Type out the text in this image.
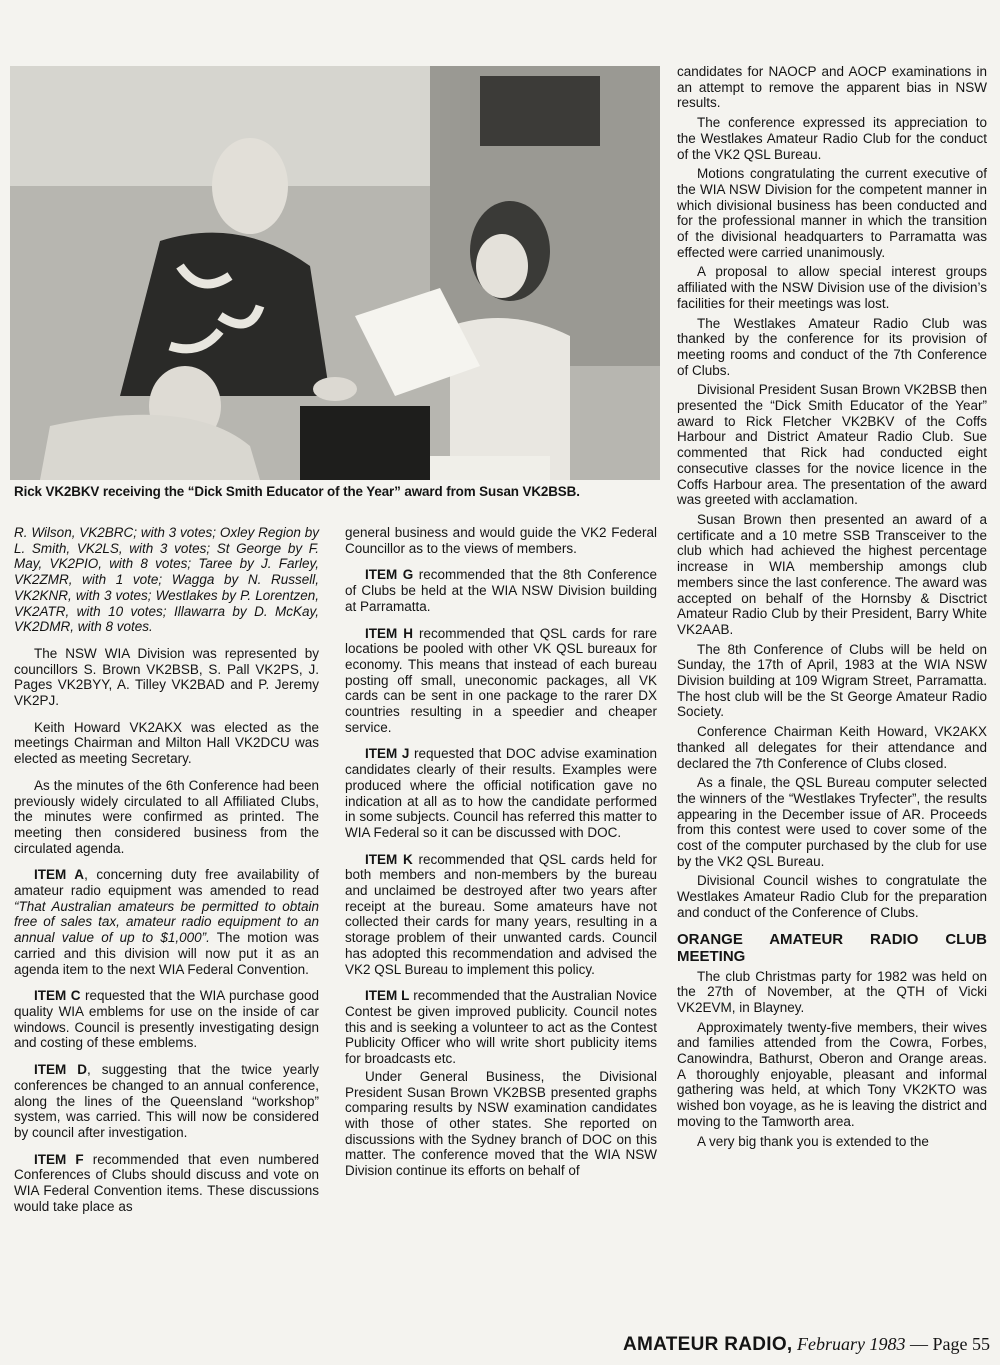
Rick VK2BKV receiving the “Dick Smith Educator of the Year” award from Susan VK2BSB.

R. Wilson, VK2BRC; with 3 votes; Oxley Region by L. Smith, VK2LS, with 3 votes; St George by F. May, VK2PIO, with 8 votes; Taree by J. Farley, VK2ZMR, with 1 vote; Wagga by N. Russell, VK2KNR, with 3 votes; Westlakes by P. Lorentzen, VK2ATR, with 10 votes; Illawarra by D. McKay, VK2DMR, with 8 votes.

The NSW WIA Division was represented by councillors S. Brown VK2BSB, S. Pall VK2PS, J. Pages VK2BYY, A. Tilley VK2BAD and P. Jeremy VK2PJ.

Keith Howard VK2AKX was elected as the meetings Chairman and Milton Hall VK2DCU was elected as meeting Secretary.

As the minutes of the 6th Conference had been previously widely circulated to all Affiliated Clubs, the minutes were confirmed as printed. The meeting then considered business from the circulated agenda.

ITEM A, concerning duty free availability of amateur radio equipment was amended to read “That Australian amateurs be permitted to obtain free of sales tax, amateur radio equipment to an annual value of up to $1,000”. The motion was carried and this division will now put it as an agenda item to the next WIA Federal Convention.

ITEM C requested that the WIA purchase good quality WIA emblems for use on the inside of car windows. Council is presently investigating design and costing of these emblems.

ITEM D, suggesting that the twice yearly conferences be changed to an annual conference, along the lines of the Queensland “workshop” system, was carried. This will now be considered by council after investigation.

ITEM F recommended that even numbered Conferences of Clubs should discuss and vote on WIA Federal Convention items. These discussions would take place as

general business and would guide the VK2 Federal Councillor as to the views of members.

ITEM G recommended that the 8th Conference of Clubs be held at the WIA NSW Division building at Parramatta.

ITEM H recommended that QSL cards for rare locations be pooled with other VK QSL bureaux for economy. This means that instead of each bureau posting off small, uneconomic packages, all VK cards can be sent in one package to the rarer DX countries resulting in a speedier and cheaper service.

ITEM J requested that DOC advise examination candidates clearly of their results. Examples were produced where the official notification gave no indication at all as to how the candidate performed in some subjects. Council has referred this matter to WIA Federal so it can be discussed with DOC.

ITEM K recommended that QSL cards held for both members and non-members by the bureau and unclaimed be destroyed after two years after receipt at the bureau. Some amateurs have not collected their cards for many years, resulting in a storage problem of their unwanted cards. Council has adopted this recommendation and advised the VK2 QSL Bureau to implement this policy.

ITEM L recommended that the Australian Novice Contest be given improved publicity. Council notes this and is seeking a volunteer to act as the Contest Publicity Officer who will write short publicity items for broadcasts etc.

Under General Business, the Divisional President Susan Brown VK2BSB presented graphs comparing results by NSW examination candidates with those of other states. She reported on discussions with the Sydney branch of DOC on this matter. The conference moved that the WIA NSW Division continue its efforts on behalf of

candidates for NAOCP and AOCP examinations in an attempt to remove the apparent bias in NSW results.

The conference expressed its appreciation to the Westlakes Amateur Radio Club for the conduct of the VK2 QSL Bureau.

Motions congratulating the current executive of the WIA NSW Division for the competent manner in which divisional business has been conducted and for the professional manner in which the transition of the divisional headquarters to Parramatta was effected were carried unanimously.

A proposal to allow special interest groups affiliated with the NSW Division use of the division’s facilities for their meetings was lost.

The Westlakes Amateur Radio Club was thanked by the conference for its provision of meeting rooms and conduct of the 7th Conference of Clubs.

Divisional President Susan Brown VK2BSB then presented the “Dick Smith Educator of the Year” award to Rick Fletcher VK2BKV of the Coffs Harbour and District Amateur Radio Club. Sue commented that Rick had conducted eight consecutive classes for the novice licence in the Coffs Harbour area. The presentation of the award was greeted with acclamation.

Susan Brown then presented an award of a certificate and a 10 metre SSB Transceiver to the club which had achieved the highest percentage increase in WIA membership amongs club members since the last conference. The award was accepted on behalf of the Hornsby & Disctrict Amateur Radio Club by their President, Barry White VK2AAB.

The 8th Conference of Clubs will be held on Sunday, the 17th of April, 1983 at the WIA NSW Division building at 109 Wigram Street, Parramatta. The host club will be the St George Amateur Radio Society.

Conference Chairman Keith Howard, VK2AKX thanked all delegates for their attendance and declared the 7th Conference of Clubs closed.

As a finale, the QSL Bureau computer selected the winners of the “Westlakes Tryfecter”, the results appearing in the December issue of AR. Proceeds from this contest were used to cover some of the cost of the computer purchased by the club for use by the VK2 QSL Bureau.

Divisional Council wishes to congratulate the Westlakes Amateur Radio Club for the preparation and conduct of the Conference of Clubs.

ORANGE AMATEUR RADIO CLUB MEETING

The club Christmas party for 1982 was held on the 27th of November, at the QTH of Vicki VK2EVM, in Blayney.

Approximately twenty-five members, their wives and families attended from the Cowra, Forbes, Canowindra, Bathurst, Oberon and Orange areas. A thoroughly enjoyable, pleasant and informal gathering was held, at which Tony VK2KTO was wished bon voyage, as he is leaving the district and moving to the Tamworth area.

A very big thank you is extended to the

AMATEUR RADIO, February 1983 — Page 55
